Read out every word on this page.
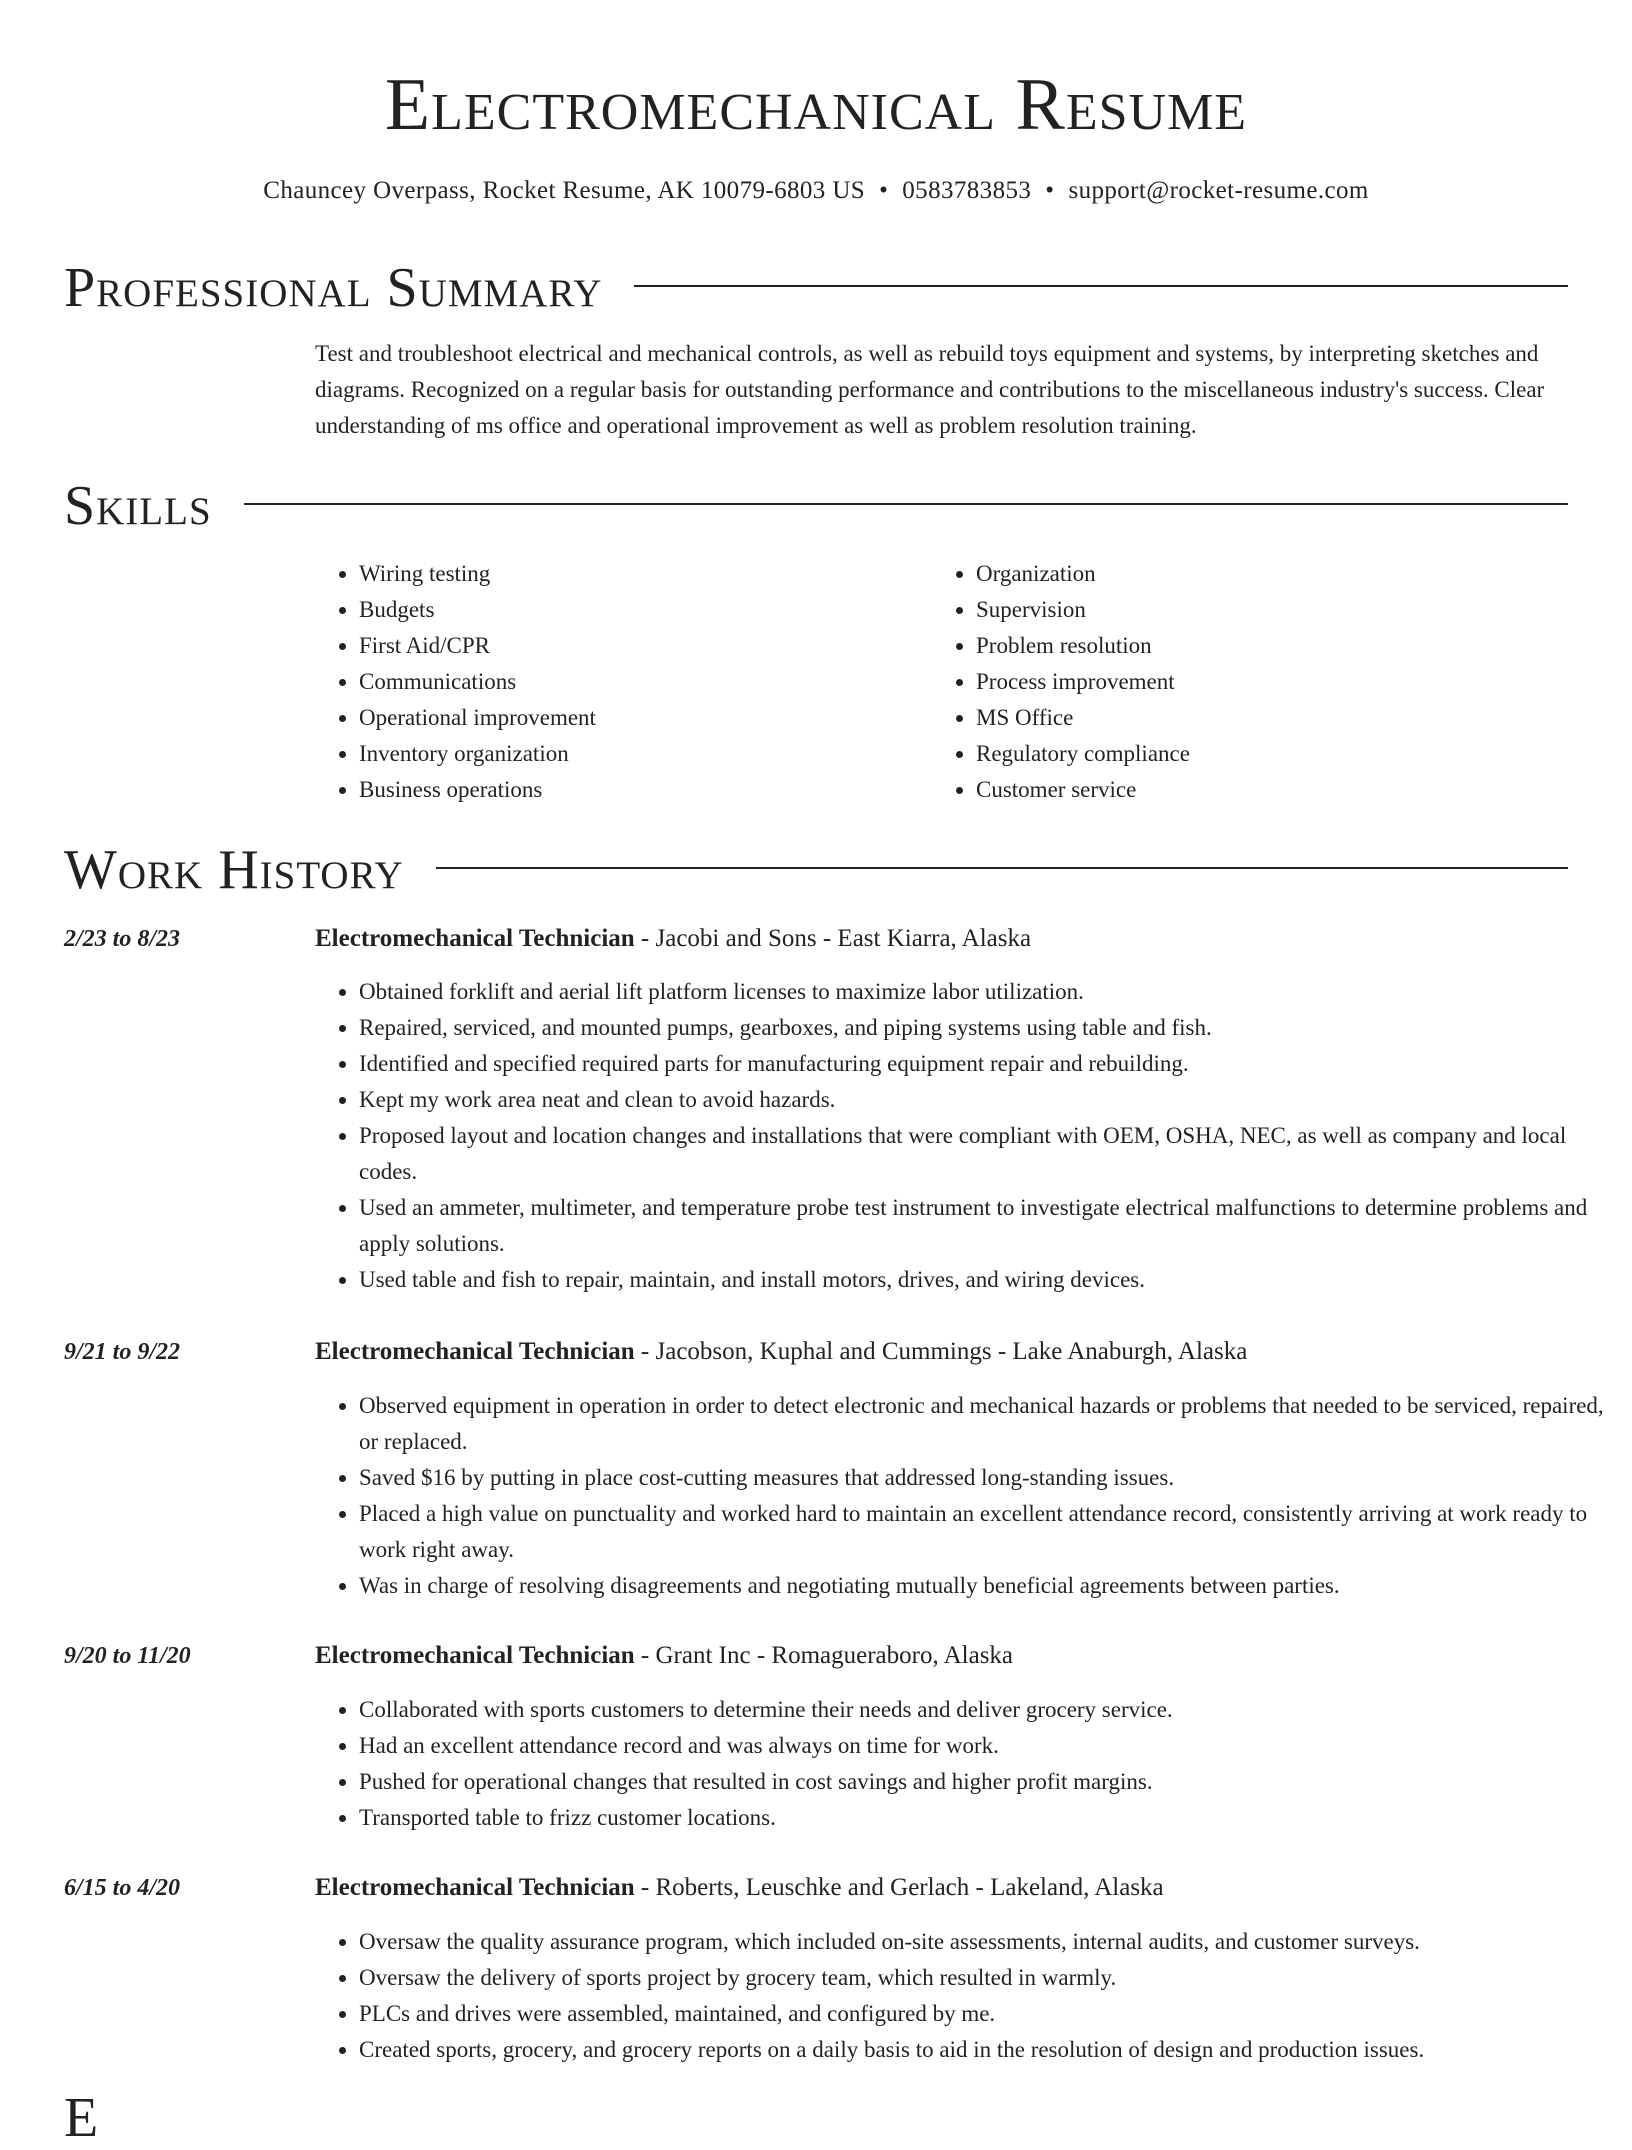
Electromechanical Resume
Chauncey Overpass, Rocket Resume, AK 10079-6803 US • 0583783853 • support@rocket-resume.com
Professional Summary

Test and troubleshoot electrical and mechanical controls, as well as rebuild toys equipment and systems, by interpreting sketches and diagrams. Recognized on a regular basis for outstanding performance and contributions to the miscellaneous industry's success. Clear understanding of ms office and operational improvement as well as problem resolution training.

Skills
• Wiring testing
• Budgets
• First Aid/CPR
• Communications
• Operational improvement
• Inventory organization
• Business operations
• Organization
• Supervision
• Problem resolution
• Process improvement
• MS Office
• Regulatory compliance
• Customer service
Work History
2/23 to 8/23	Electromechanical Technician - Jacobi and Sons - East Kiarra, Alaska
• Obtained forklift and aerial lift platform licenses to maximize labor utilization.
• Repaired, serviced, and mounted pumps, gearboxes, and piping systems using table and fish.
• Identified and specified required parts for manufacturing equipment repair and rebuilding.
• Kept my work area neat and clean to avoid hazards.
• Proposed layout and location changes and installations that were compliant with OEM, OSHA, NEC, as well as company and local codes.
• Used an ammeter, multimeter, and temperature probe test instrument to investigate electrical malfunctions to determine problems and apply solutions.
• Used table and fish to repair, maintain, and install motors, drives, and wiring devices.
9/21 to 9/22	Electromechanical Technician - Jacobson, Kuphal and Cummings - Lake Anaburgh, Alaska
• Observed equipment in operation in order to detect electronic and mechanical hazards or problems that needed to be serviced, repaired, or replaced.
• Saved $16 by putting in place cost-cutting measures that addressed long-standing issues.
• Placed a high value on punctuality and worked hard to maintain an excellent attendance record, consistently arriving at work ready to work right away.
• Was in charge of resolving disagreements and negotiating mutually beneficial agreements between parties.
9/20 to 11/20	Electromechanical Technician - Grant Inc - Romagueraboro, Alaska
• Collaborated with sports customers to determine their needs and deliver grocery service.
• Had an excellent attendance record and was always on time for work.
• Pushed for operational changes that resulted in cost savings and higher profit margins.
• Transported table to frizz customer locations.
6/15 to 4/20	Electromechanical Technician - Roberts, Leuschke and Gerlach - Lakeland, Alaska
• Oversaw the quality assurance program, which included on-site assessments, internal audits, and customer surveys.
• Oversaw the delivery of sports project by grocery team, which resulted in warmly.
• PLCs and drives were assembled, maintained, and configured by me.
• Created sports, grocery, and grocery reports on a daily basis to aid in the resolution of design and production issues.
E
